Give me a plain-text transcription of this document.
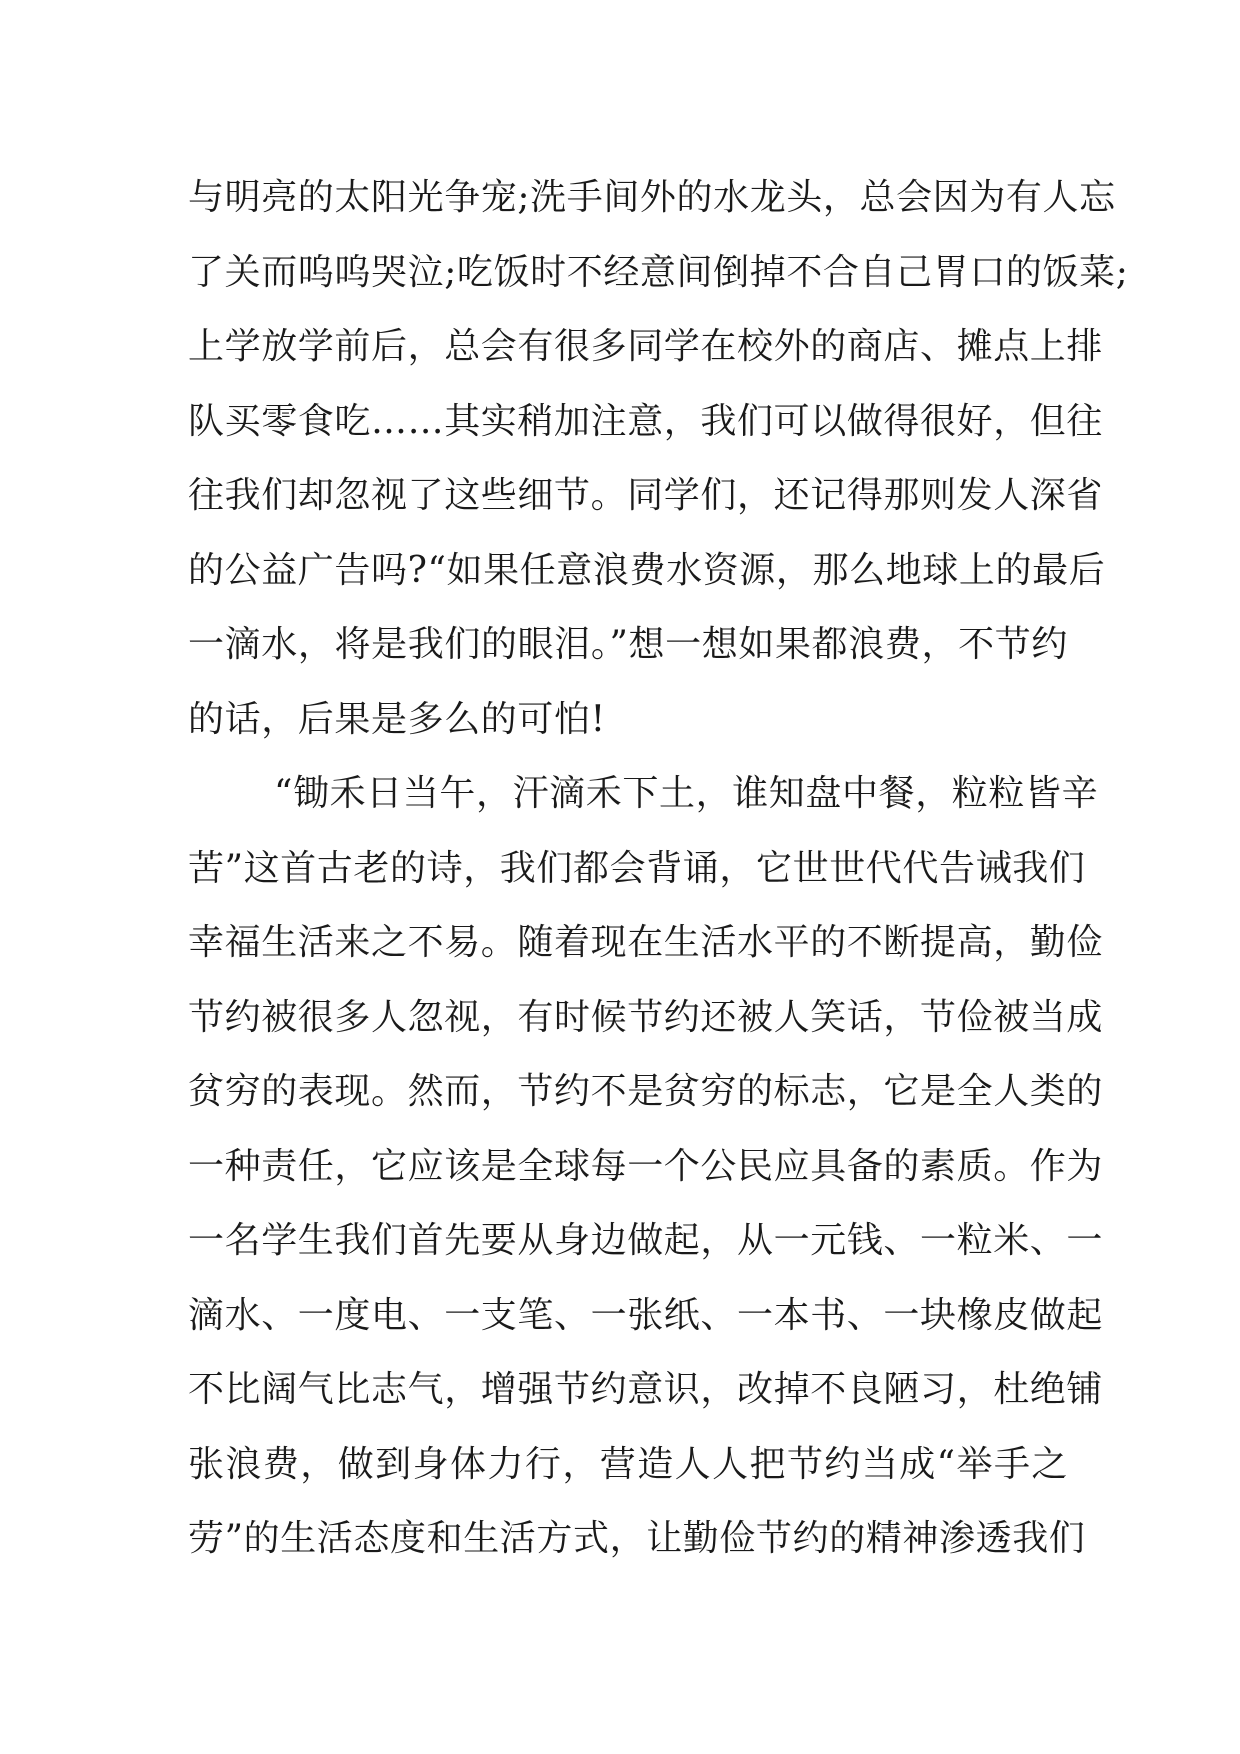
与明亮的太阳光争宠;洗手间外的水龙头，总会因为有人忘
了关而呜呜哭泣;吃饭时不经意间倒掉不合自己胃口的饭菜;
上学放学前后，总会有很多同学在校外的商店、摊点上排
队买零食吃……其实稍加注意，我们可以做得很好，但往
往我们却忽视了这些细节。同学们，还记得那则发人深省
的公益广告吗?“如果任意浪费水资源，那么地球上的最后
一滴水，将是我们的眼泪。”想一想如果都浪费，不节约
的话，后果是多么的可怕!
“锄禾日当午，汗滴禾下土，谁知盘中餐，粒粒皆辛
苦”这首古老的诗，我们都会背诵，它世世代代告诫我们
幸福生活来之不易。随着现在生活水平的不断提高，勤俭
节约被很多人忽视，有时候节约还被人笑话，节俭被当成
贫穷的表现。然而，节约不是贫穷的标志，它是全人类的
一种责任，它应该是全球每一个公民应具备的素质。作为
一名学生我们首先要从身边做起，从一元钱、一粒米、一
滴水、一度电、一支笔、一张纸、一本书、一块橡皮做起
不比阔气比志气，增强节约意识，改掉不良陋习，杜绝铺
张浪费，做到身体力行，营造人人把节约当成“举手之
劳”的生活态度和生活方式，让勤俭节约的精神渗透我们
